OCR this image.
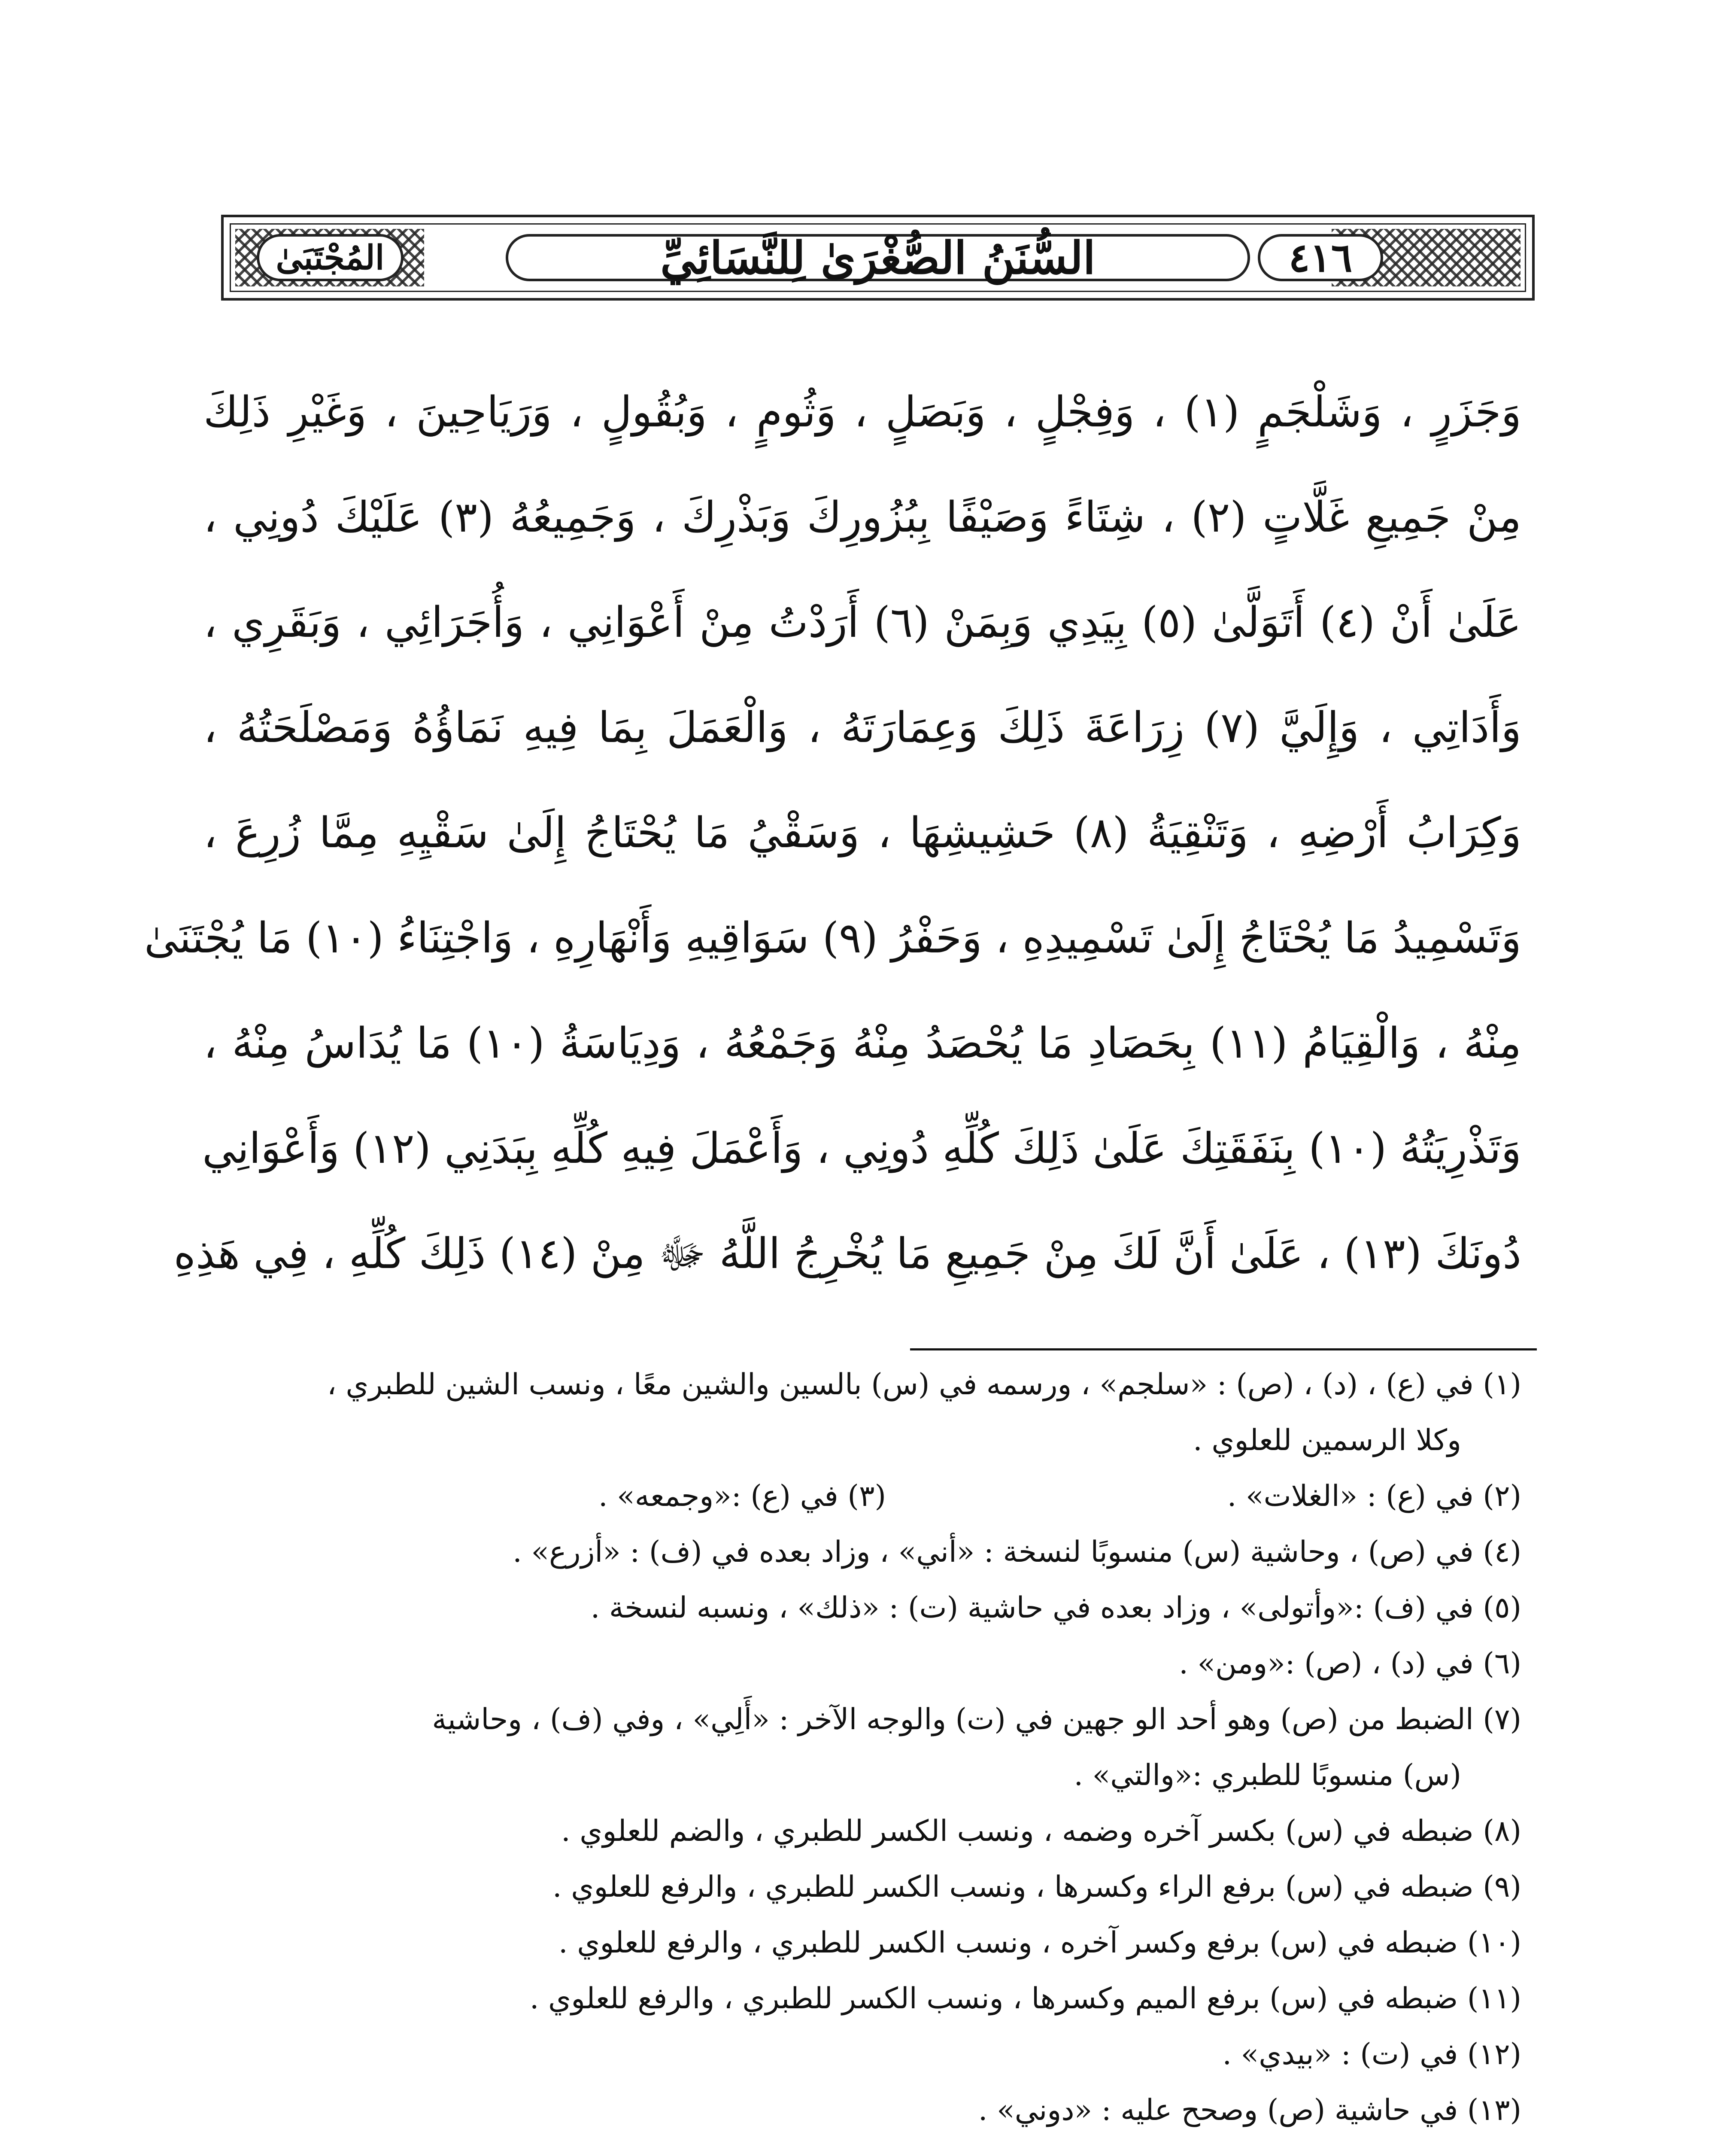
٤١٦
السُّنَنُ الصُّغْرَىٰ لِلنَّسَائِيِّ
المُجْتَبَىٰ
وَجَزَرٍ ، وَشَلْجَمٍ (١) ، وَفِجْلٍ ، وَبَصَلٍ ، وَثُومٍ ، وَبُقُولٍ ، وَرَيَاحِينَ ، وَغَيْرِ ذَلِكَ
مِنْ جَمِيعِ غَلَّاتٍ (٢) ، شِتَاءً وَصَيْفًا بِبُزُورِكَ وَبَذْرِكَ ، وَجَمِيعُهُ (٣) عَلَيْكَ دُونِي ،
عَلَىٰ أَنْ (٤) أَتَوَلَّىٰ (٥) بِيَدِي وَبِمَنْ (٦) أَرَدْتُ مِنْ أَعْوَانِي ، وَأُجَرَائِي ، وَبَقَرِي ،
وَأَدَاتِي ، وَإِلَيَّ (٧) زِرَاعَةَ ذَلِكَ وَعِمَارَتَهُ ، وَالْعَمَلَ بِمَا فِيهِ نَمَاؤُهُ وَمَصْلَحَتُهُ ،
وَكِرَابُ أَرْضِهِ ، وَتَنْقِيَةُ (٨) حَشِيشِهَا ، وَسَقْيُ مَا يُحْتَاجُ إِلَىٰ سَقْيِهِ مِمَّا زُرِعَ ،
وَتَسْمِيدُ مَا يُحْتَاجُ إِلَىٰ تَسْمِيدِهِ ، وَحَفْرُ (٩) سَوَاقِيهِ وَأَنْهَارِهِ ، وَاجْتِنَاءُ (١٠) مَا يُجْتَنَىٰ
مِنْهُ ، وَالْقِيَامُ (١١) بِحَصَادِ مَا يُحْصَدُ مِنْهُ وَجَمْعُهُ ، وَدِيَاسَةُ (١٠) مَا يُدَاسُ مِنْهُ ،
وَتَذْرِيَتُهُ (١٠) بِنَفَقَتِكَ عَلَىٰ ذَلِكَ كُلِّهِ دُونِي ، وَأَعْمَلَ فِيهِ كُلِّهِ بِبَدَنِي (١٢) وَأَعْوَانِي
دُونَكَ (١٣) ، عَلَىٰ أَنَّ لَكَ مِنْ جَمِيعِ مَا يُخْرِجُ اللَّهُ ﷻ مِنْ (١٤) ذَلِكَ كُلِّهِ ، فِي هَذِهِ
(١) في (ع) ، (د) ، (ص) : «سلجم» ، ورسمه في (س) بالسين والشين معًا ، ونسب الشين للطبري ،
وكلا الرسمين للعلوي .
(٢) في (ع) : «الغلات» .
(٣) في (ع) :«وجمعه» .
(٤) في (ص) ، وحاشية (س) منسوبًا لنسخة : «أني» ، وزاد بعده في (ف) : «أزرع» .
(٥) في (ف) :«وأتولى» ، وزاد بعده في حاشية (ت) : «ذلك» ، ونسبه لنسخة .
(٦) في (د) ، (ص) :«ومن» .
(٧) الضبط من (ص) وهو أحد الو جهين في (ت) والوجه الآخر : «أَلِي» ، وفي (ف) ، وحاشية
(س) منسوبًا للطبري :«والتي» .
(٨) ضبطه في (س) بكسر آخره وضمه ، ونسب الكسر للطبري ، والضم للعلوي .
(٩) ضبطه في (س) برفع الراء وكسرها ، ونسب الكسر للطبري ، والرفع للعلوي .
(١٠) ضبطه في (س) برفع وكسر آخره ، ونسب الكسر للطبري ، والرفع للعلوي .
(١١) ضبطه في (س) برفع الميم وكسرها ، ونسب الكسر للطبري ، والرفع للعلوي .
(١٢) في (ت) : «بيدي» .
(١٣) في حاشية (ص) وصحح عليه : «دوني» .
